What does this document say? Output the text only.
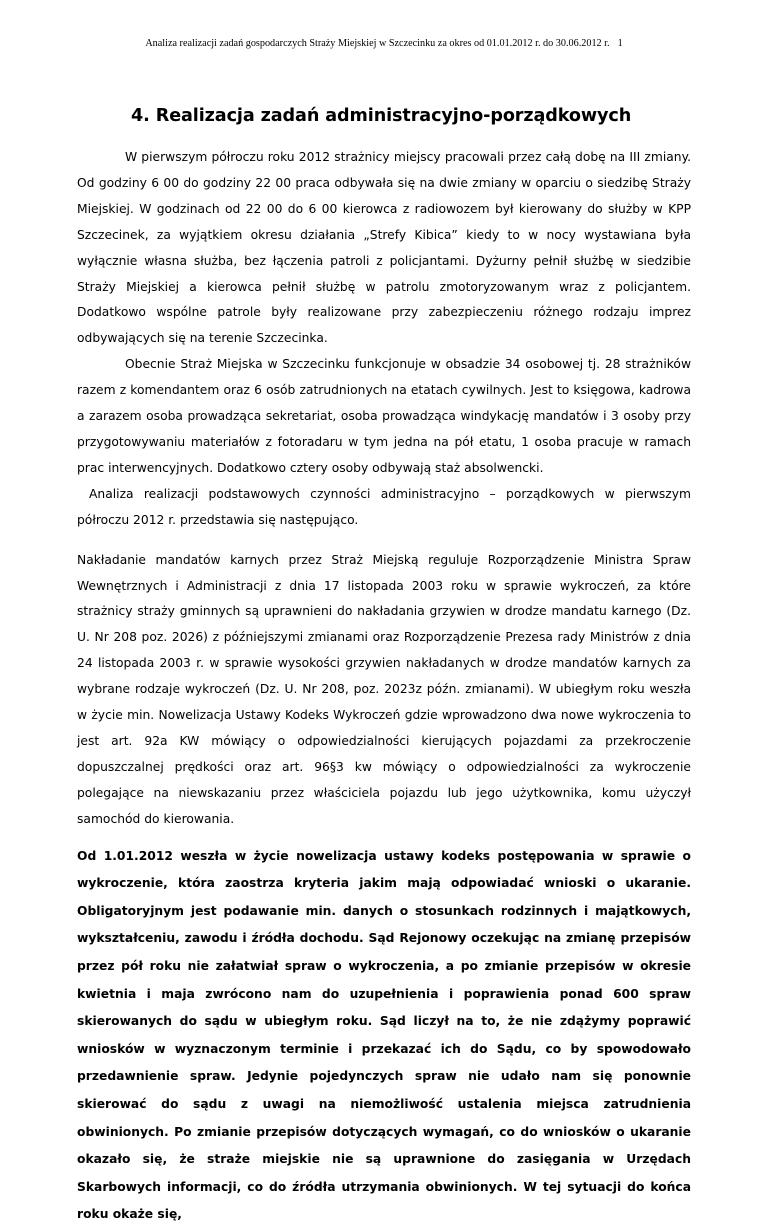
Analiza realizacji zadań gospodarczych Straży Miejskiej w Szczecinku za okres od 01.01.2012 r. do 30.06.2012 r. 1
4. Realizacja zadań administracyjno-porządkowych

W pierwszym półroczu roku 2012 strażnicy miejscy pracowali przez całą dobę na III zmiany. Od godziny 6 00 do godziny 22 00 praca odbywała się na dwie zmiany w oparciu o siedzibę Straży Miejskiej. W godzinach od 22 00 do 6 00 kierowca z radiowozem był kierowany do służby w KPP Szczecinek, za wyjątkiem okresu działania „Strefy Kibica” kiedy to w nocy wystawiana była wyłącznie własna służba, bez łączenia patroli z policjantami. Dyżurny pełnił służbę w siedzibie Straży Miejskiej a kierowca pełnił służbę w patrolu zmotoryzowanym wraz z policjantem. Dodatkowo wspólne patrole były realizowane przy zabezpieczeniu różnego rodzaju imprez odbywających się na terenie Szczecinka.

Obecnie Straż Miejska w Szczecinku funkcjonuje w obsadzie 34 osobowej tj. 28 strażników razem z komendantem oraz 6 osób zatrudnionych na etatach cywilnych. Jest to księgowa, kadrowa a zarazem osoba prowadząca sekretariat, osoba prowadząca windykację mandatów i 3 osoby przy przygotowywaniu materiałów z fotoradaru w tym jedna na pół etatu, 1 osoba pracuje w ramach prac interwencyjnych. Dodatkowo cztery osoby odbywają staż absolwencki.

Analiza realizacji podstawowych czynności administracyjno – porządkowych w pierwszym półroczu 2012 r. przedstawia się następująco.

Nakładanie mandatów karnych przez Straż Miejską reguluje Rozporządzenie Ministra Spraw Wewnętrznych i Administracji z dnia 17 listopada 2003 roku w sprawie wykroczeń, za które strażnicy straży gminnych są uprawnieni do nakładania grzywien w drodze mandatu karnego (Dz. U. Nr 208 poz. 2026) z późniejszymi zmianami oraz Rozporządzenie Prezesa rady Ministrów z dnia 24 listopada 2003 r. w sprawie wysokości grzywien nakładanych w drodze mandatów karnych za wybrane rodzaje wykroczeń (Dz. U. Nr 208, poz. 2023z późn. zmianami). W ubiegłym roku weszła w życie min. Nowelizacja Ustawy Kodeks Wykroczeń gdzie wprowadzono dwa nowe wykroczenia to jest art. 92a KW mówiący o odpowiedzialności kierujących pojazdami za przekroczenie dopuszczalnej prędkości oraz art. 96§3 kw mówiący o odpowiedzialności za wykroczenie polegające na niewskazaniu przez właściciela pojazdu lub jego użytkownika, komu użyczył samochód do kierowania.

Od 1.01.2012 weszła w życie nowelizacja ustawy kodeks postępowania w sprawie o wykroczenie, która zaostrza kryteria jakim mają odpowiadać wnioski o ukaranie. Obligatoryjnym jest podawanie min. danych o stosunkach rodzinnych i majątkowych, wykształceniu, zawodu i źródła dochodu. Sąd Rejonowy oczekując na zmianę przepisów przez pół roku nie załatwiał spraw o wykroczenia, a po zmianie przepisów w okresie kwietnia i maja zwrócono nam do uzupełnienia i poprawienia ponad 600 spraw skierowanych do sądu w ubiegłym roku. Sąd liczył na to, że nie zdążymy poprawić wniosków w wyznaczonym terminie i przekazać ich do Sądu, co by spowodowało przedawnienie spraw. Jedynie pojedynczych spraw nie udało nam się ponownie skierować do sądu z uwagi na niemożliwość ustalenia miejsca zatrudnienia obwinionych. Po zmianie przepisów dotyczących wymagań, co do wniosków o ukaranie okazało się, że straże miejskie nie są uprawnione do zasięgania w Urzędach Skarbowych informacji, co do źródła utrzymania obwinionych. W tej sytuacji do końca roku okaże się,
